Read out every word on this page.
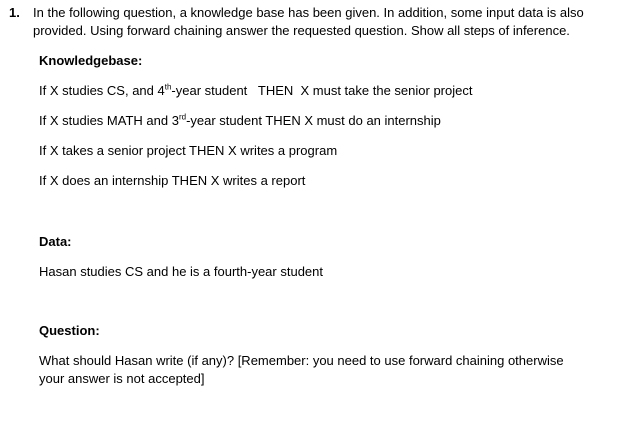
1. In the following question, a knowledge base has been given. In addition, some input data is also
provided. Using forward chaining answer the requested question. Show all steps of inference.
Knowledgebase:
If X studies CS, and 4th-year student   THEN  X must take the senior project
If X studies MATH and 3rd-year student THEN X must do an internship
If X takes a senior project THEN X writes a program
If X does an internship THEN X writes a report
Data:
Hasan studies CS and he is a fourth-year student
Question:
What should Hasan write (if any)? [Remember: you need to use forward chaining otherwise
your answer is not accepted]
